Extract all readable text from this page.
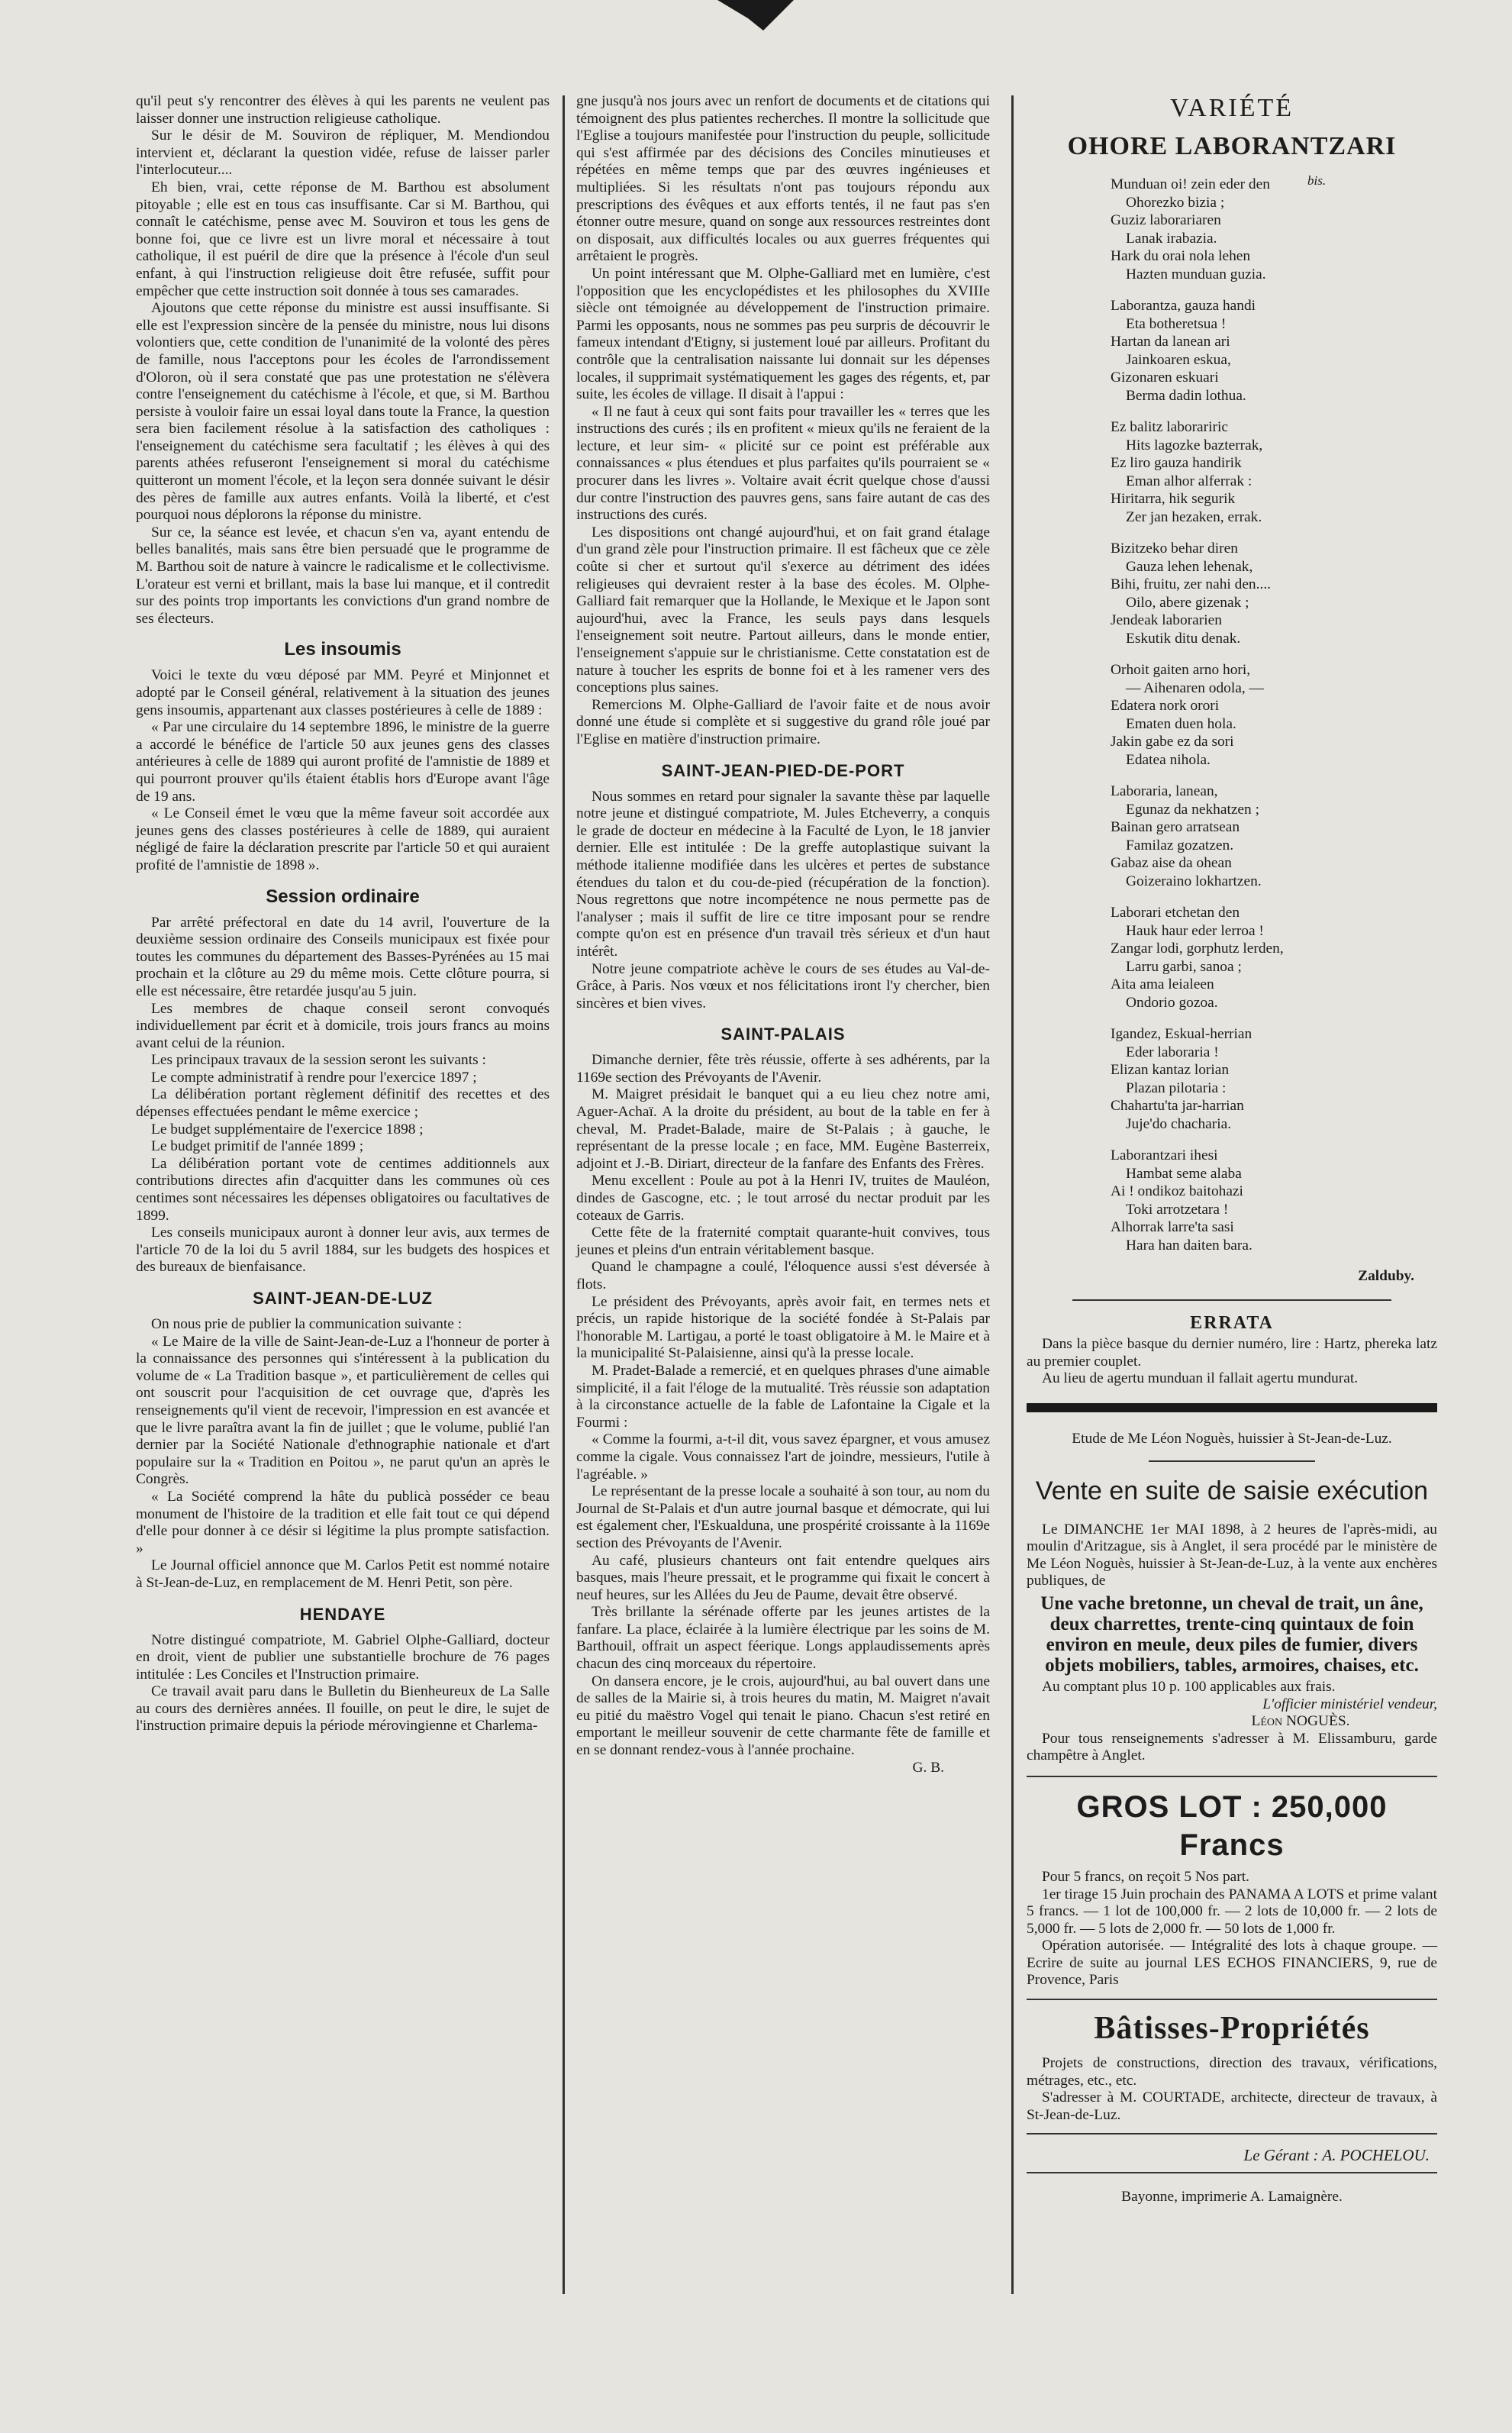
qu'il peut s'y rencontrer des élèves à qui les parents ne veulent pas laisser donner une instruction religieuse catholique.

Sur le désir de M. Souviron de répliquer, M. Mendiondou intervient et, déclarant la question vidée, refuse de laisser parler l'interlocuteur....

Eh bien, vrai, cette réponse de M. Barthou est absolument pitoyable ; elle est en tous cas insuffisante. Car si M. Barthou, qui connaît le catéchisme, pense avec M. Souviron et tous les gens de bonne foi, que ce livre est un livre moral et nécessaire à tout catholique, il est puéril de dire que la présence à l'école d'un seul enfant, à qui l'instruction religieuse doit être refusée, suffit pour empêcher que cette instruction soit donnée à tous ses camarades.

Ajoutons que cette réponse du ministre est aussi insuffisante. Si elle est l'expression sincère de la pensée du ministre, nous lui disons volontiers que, cette condition de l'unanimité de la volonté des pères de famille, nous l'acceptons pour les écoles de l'arrondissement d'Oloron, où il sera constaté que pas une protestation ne s'élèvera contre l'enseignement du catéchisme à l'école, et que, si M. Barthou persiste à vouloir faire un essai loyal dans toute la France, la question sera bien facilement résolue à la satisfaction des catholiques : l'enseignement du catéchisme sera facultatif ; les élèves à qui des parents athées refuseront l'enseignement si moral du catéchisme quitteront un moment l'école, et la leçon sera donnée suivant le désir des pères de famille aux autres enfants. Voilà la liberté, et c'est pourquoi nous déplorons la réponse du ministre.

Sur ce, la séance est levée, et chacun s'en va, ayant entendu de belles banalités, mais sans être bien persuadé que le programme de M. Barthou soit de nature à vaincre le radicalisme et le collectivisme. L'orateur est verni et brillant, mais la base lui manque, et il contredit sur des points trop importants les convictions d'un grand nombre de ses électeurs.

Les insoumis

Voici le texte du vœu déposé par MM. Peyré et Minjonnet et adopté par le Conseil général, relativement à la situation des jeunes gens insoumis, appartenant aux classes postérieures à celle de 1889 :

« Par une circulaire du 14 septembre 1896, le ministre de la guerre a accordé le bénéfice de l'article 50 aux jeunes gens des classes antérieures à celle de 1889 qui auront profité de l'amnistie de 1889 et qui pourront prouver qu'ils étaient établis hors d'Europe avant l'âge de 19 ans.

« Le Conseil émet le vœu que la même faveur soit accordée aux jeunes gens des classes postérieures à celle de 1889, qui auraient négligé de faire la déclaration prescrite par l'article 50 et qui auraient profité de l'amnistie de 1898 ».

Session ordinaire

Par arrêté préfectoral en date du 14 avril, l'ouverture de la deuxième session ordinaire des Conseils municipaux est fixée pour toutes les communes du département des Basses-Pyrénées au 15 mai prochain et la clôture au 29 du même mois. Cette clôture pourra, si elle est nécessaire, être retardée jusqu'au 5 juin.

Les membres de chaque conseil seront convoqués individuellement par écrit et à domicile, trois jours francs au moins avant celui de la réunion.

Les principaux travaux de la session seront les suivants :

Le compte administratif à rendre pour l'exercice 1897 ;

La délibération portant règlement définitif des recettes et des dépenses effectuées pendant le même exercice ;

Le budget supplémentaire de l'exercice 1898 ;

Le budget primitif de l'année 1899 ;

La délibération portant vote de centimes additionnels aux contributions directes afin d'acquitter dans les communes où ces centimes sont nécessaires les dépenses obligatoires ou facultatives de 1899.

Les conseils municipaux auront à donner leur avis, aux termes de l'article 70 de la loi du 5 avril 1884, sur les budgets des hospices et des bureaux de bienfaisance.

SAINT-JEAN-DE-LUZ

On nous prie de publier la communication suivante :

« Le Maire de la ville de Saint-Jean-de-Luz a l'honneur de porter à la connaissance des personnes qui s'intéressent à la publication du volume de « La Tradition basque », et particulièrement de celles qui ont souscrit pour l'acquisition de cet ouvrage que, d'après les renseignements qu'il vient de recevoir, l'impression en est avancée et que le livre paraîtra avant la fin de juillet ; que le volume, publié l'an dernier par la Société Nationale d'ethnographie nationale et d'art populaire sur la « Tradition en Poitou », ne parut qu'un an après le Congrès.

« La Société comprend la hâte du publicà posséder ce beau monument de l'histoire de la tradition et elle fait tout ce qui dépend d'elle pour donner à ce désir si légitime la plus prompte satisfaction. »

Le Journal officiel annonce que M. Carlos Petit est nommé notaire à St-Jean-de-Luz, en remplacement de M. Henri Petit, son père.

HENDAYE

Notre distingué compatriote, M. Gabriel Olphe-Galliard, docteur en droit, vient de publier une substantielle brochure de 76 pages intitulée : Les Conciles et l'Instruction primaire.

Ce travail avait paru dans le Bulletin du Bienheureux de La Salle au cours des dernières années. Il fouille, on peut le dire, le sujet de l'instruction primaire depuis la période mérovingienne et Charlema-

gne jusqu'à nos jours avec un renfort de documents et de citations qui témoignent des plus patientes recherches. Il montre la sollicitude que l'Eglise a toujours manifestée pour l'instruction du peuple, sollicitude qui s'est affirmée par des décisions des Conciles minutieuses et répétées en même temps que par des œuvres ingénieuses et multipliées. Si les résultats n'ont pas toujours répondu aux prescriptions des évêques et aux efforts tentés, il ne faut pas s'en étonner outre mesure, quand on songe aux ressources restreintes dont on disposait, aux difficultés locales ou aux guerres fréquentes qui arrêtaient le progrès.

Un point intéressant que M. Olphe-Galliard met en lumière, c'est l'opposition que les encyclopédistes et les philosophes du XVIIIe siècle ont témoignée au développement de l'instruction primaire. Parmi les opposants, nous ne sommes pas peu surpris de découvrir le fameux intendant d'Etigny, si justement loué par ailleurs. Profitant du contrôle que la centralisation naissante lui donnait sur les dépenses locales, il supprimait systématiquement les gages des régents, et, par suite, les écoles de village. Il disait à l'appui :

« Il ne faut à ceux qui sont faits pour travailler les « terres que les instructions des curés ; ils en profitent « mieux qu'ils ne feraient de la lecture, et leur sim- « plicité sur ce point est préférable aux connaissances « plus étendues et plus parfaites qu'ils pourraient se « procurer dans les livres ». Voltaire avait écrit quelque chose d'aussi dur contre l'instruction des pauvres gens, sans faire autant de cas des instructions des curés.

Les dispositions ont changé aujourd'hui, et on fait grand étalage d'un grand zèle pour l'instruction primaire. Il est fâcheux que ce zèle coûte si cher et surtout qu'il s'exerce au détriment des idées religieuses qui devraient rester à la base des écoles. M. Olphe-Galliard fait remarquer que la Hollande, le Mexique et le Japon sont aujourd'hui, avec la France, les seuls pays dans lesquels l'enseignement soit neutre. Partout ailleurs, dans le monde entier, l'enseignement s'appuie sur le christianisme. Cette constatation est de nature à toucher les esprits de bonne foi et à les ramener vers des conceptions plus saines.

Remercions M. Olphe-Galliard de l'avoir faite et de nous avoir donné une étude si complète et si suggestive du grand rôle joué par l'Eglise en matière d'instruction primaire.

SAINT-JEAN-PIED-DE-PORT

Nous sommes en retard pour signaler la savante thèse par laquelle notre jeune et distingué compatriote, M. Jules Etcheverry, a conquis le grade de docteur en médecine à la Faculté de Lyon, le 18 janvier dernier. Elle est intitulée : De la greffe autoplastique suivant la méthode italienne modifiée dans les ulcères et pertes de substance étendues du talon et du cou-de-pied (récupération de la fonction). Nous regrettons que notre incompétence ne nous permette pas de l'analyser ; mais il suffit de lire ce titre imposant pour se rendre compte qu'on est en présence d'un travail très sérieux et d'un haut intérêt.

Notre jeune compatriote achève le cours de ses études au Val-de-Grâce, à Paris. Nos vœux et nos félicitations iront l'y chercher, bien sincères et bien vives.

SAINT-PALAIS

Dimanche dernier, fête très réussie, offerte à ses adhérents, par la 1169e section des Prévoyants de l'Avenir.

M. Maigret présidait le banquet qui a eu lieu chez notre ami, Aguer-Achaï. A la droite du président, au bout de la table en fer à cheval, M. Pradet-Balade, maire de St-Palais ; à gauche, le représentant de la presse locale ; en face, MM. Eugène Basterreix, adjoint et J.-B. Diriart, directeur de la fanfare des Enfants des Frères.

Menu excellent : Poule au pot à la Henri IV, truites de Mauléon, dindes de Gascogne, etc. ; le tout arrosé du nectar produit par les coteaux de Garris.

Cette fête de la fraternité comptait quarante-huit convives, tous jeunes et pleins d'un entrain véritablement basque.

Quand le champagne a coulé, l'éloquence aussi s'est déversée à flots.

Le président des Prévoyants, après avoir fait, en termes nets et précis, un rapide historique de la société fondée à St-Palais par l'honorable M. Lartigau, a porté le toast obligatoire à M. le Maire et à la municipalité St-Palaisienne, ainsi qu'à la presse locale.

M. Pradet-Balade a remercié, et en quelques phrases d'une aimable simplicité, il a fait l'éloge de la mutualité. Très réussie son adaptation à la circonstance actuelle de la fable de Lafontaine la Cigale et la Fourmi :

« Comme la fourmi, a-t-il dit, vous savez épargner, et vous amusez comme la cigale. Vous connaissez l'art de joindre, messieurs, l'utile à l'agréable. »

Le représentant de la presse locale a souhaité à son tour, au nom du Journal de St-Palais et d'un autre journal basque et démocrate, qui lui est également cher, l'Eskualduna, une prospérité croissante à la 1169e section des Prévoyants de l'Avenir.

Au café, plusieurs chanteurs ont fait entendre quelques airs basques, mais l'heure pressait, et le programme qui fixait le concert à neuf heures, sur les Allées du Jeu de Paume, devait être observé.

Très brillante la sérénade offerte par les jeunes artistes de la fanfare. La place, éclairée à la lumière électrique par les soins de M. Barthouil, offrait un aspect féerique. Longs applaudissements après chacun des cinq morceaux du répertoire.

On dansera encore, je le crois, aujourd'hui, au bal ouvert dans une de salles de la Mairie si, à trois heures du matin, M. Maigret n'avait eu pitié du maëstro Vogel qui tenait le piano. Chacun s'est retiré en emportant le meilleur souvenir de cette charmante fête de famille et en se donnant rendez-vous à l'année prochaine.

G. B.
VARIÉTÉ
OHORE LABORANTZARI
bis.
Munduan oi! zein eder den
Ohorezko bizia ;
Guziz laborariaren
Lanak irabazia.
Hark du orai nola lehen
Hazten munduan guzia.
Laborantza, gauza handi
Eta botheretsua !
Hartan da lanean ari
Jainkoaren eskua,
Gizonaren eskuari
Berma dadin lothua.
Ez balitz laborariric
Hits lagozke bazterrak,
Ez liro gauza handirik
Eman alhor alferrak :
Hiritarra, hik segurik
Zer jan hezaken, errak.
Bizitzeko behar diren
Gauza lehen lehenak,
Bihi, fruitu, zer nahi den....
Oilo, abere gizenak ;
Jendeak laborarien
Eskutik ditu denak.
Orhoit gaiten arno hori,
— Aihenaren odola, —
Edatera nork orori
Ematen duen hola.
Jakin gabe ez da sori
Edatea nihola.
Laboraria, lanean,
Egunaz da nekhatzen ;
Bainan gero arratsean
Familaz gozatzen.
Gabaz aise da ohean
Goizeraino lokhartzen.
Laborari etchetan den
Hauk haur eder lerroa !
Zangar lodi, gorphutz lerden,
Larru garbi, sanoa ;
Aita ama leialeen
Ondorio gozoa.
Igandez, Eskual-herrian
Eder laboraria !
Elizan kantaz lorian
Plazan pilotaria :
Chahartu'ta jar-harrian
Juje'do chacharia.
Laborantzari ihesi
Hambat seme alaba
Ai ! ondikoz baitohazi
Toki arrotzetara !
Alhorrak larre'ta sasi
Hara han daiten bara.
Zalduby.
ERRATA

Dans la pièce basque du dernier numéro, lire : Hartz, phereka latz au premier couplet.

Au lieu de agertu munduan il fallait agertu mundurat.

Etude de Me Léon Noguès, huissier à St-Jean-de-Luz.
Vente en suite de saisie exécution

Le DIMANCHE 1er MAI 1898, à 2 heures de l'après-midi, au moulin d'Aritzague, sis à Anglet, il sera procédé par le ministère de Me Léon Noguès, huissier à St-Jean-de-Luz, à la vente aux enchères publiques, de

Une vache bretonne, un cheval de trait, un âne, deux charrettes, trente-cinq quintaux de foin environ en meule, deux piles de fumier, divers objets mobiliers, tables, armoires, chaises, etc.

Au comptant plus 10 p. 100 applicables aux frais.

L'officier ministériel vendeur,

Léon NOGUÈS.

Pour tous renseignements s'adresser à M. Elissamburu, garde champêtre à Anglet.

GROS LOT : 250,000 Francs

Pour 5 francs, on reçoit 5 Nos part.

1er tirage 15 Juin prochain des PANAMA A LOTS et prime valant 5 francs. — 1 lot de 100,000 fr. — 2 lots de 10,000 fr. — 2 lots de 5,000 fr. — 5 lots de 2,000 fr. — 50 lots de 1,000 fr.

Opération autorisée. — Intégralité des lots à chaque groupe. — Ecrire de suite au journal LES ECHOS FINANCIERS, 9, rue de Provence, Paris

Bâtisses-Propriétés

Projets de constructions, direction des travaux, vérifications, métrages, etc., etc.

S'adresser à M. COURTADE, architecte, directeur de travaux, à St-Jean-de-Luz.

Le Gérant : A. POCHELOU.
Bayonne, imprimerie A. Lamaignère.
